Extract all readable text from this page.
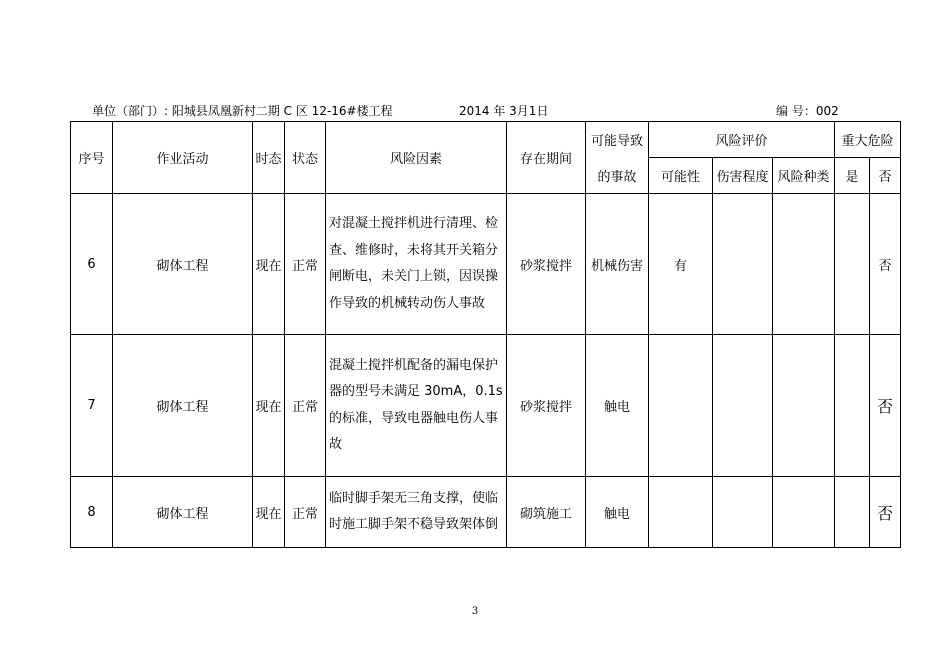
单位（部门）: 阳城县凤凰新村二期 C 区 12-16#楼工程	2014 年 3月1日	编 号：002
序号	作业活动	时态	状态	风险因素	存在期间	可能导致	风险评价			重大危险	
						的事故	可能性	伤害程度	风险种类	是	否
6	砌体工程	现在	正常	对混凝土搅拌机进行清理、检查、维修时，未将其开关箱分闸断电，未关门上锁，因误操作导致的机械转动伤人事故	砂浆搅拌	机械伤害	有				否
7	砌体工程	现在	正常	混凝土搅拌机配备的漏电保护器的型号未满足 30mA，0.1s 的标准，导致电器触电伤人事故	砂浆搅拌	触电					否
8	砌体工程	现在	正常	临时脚手架无三角支撑，使临时施工脚手架不稳导致架体倒	砌筑施工	触电					否
3
